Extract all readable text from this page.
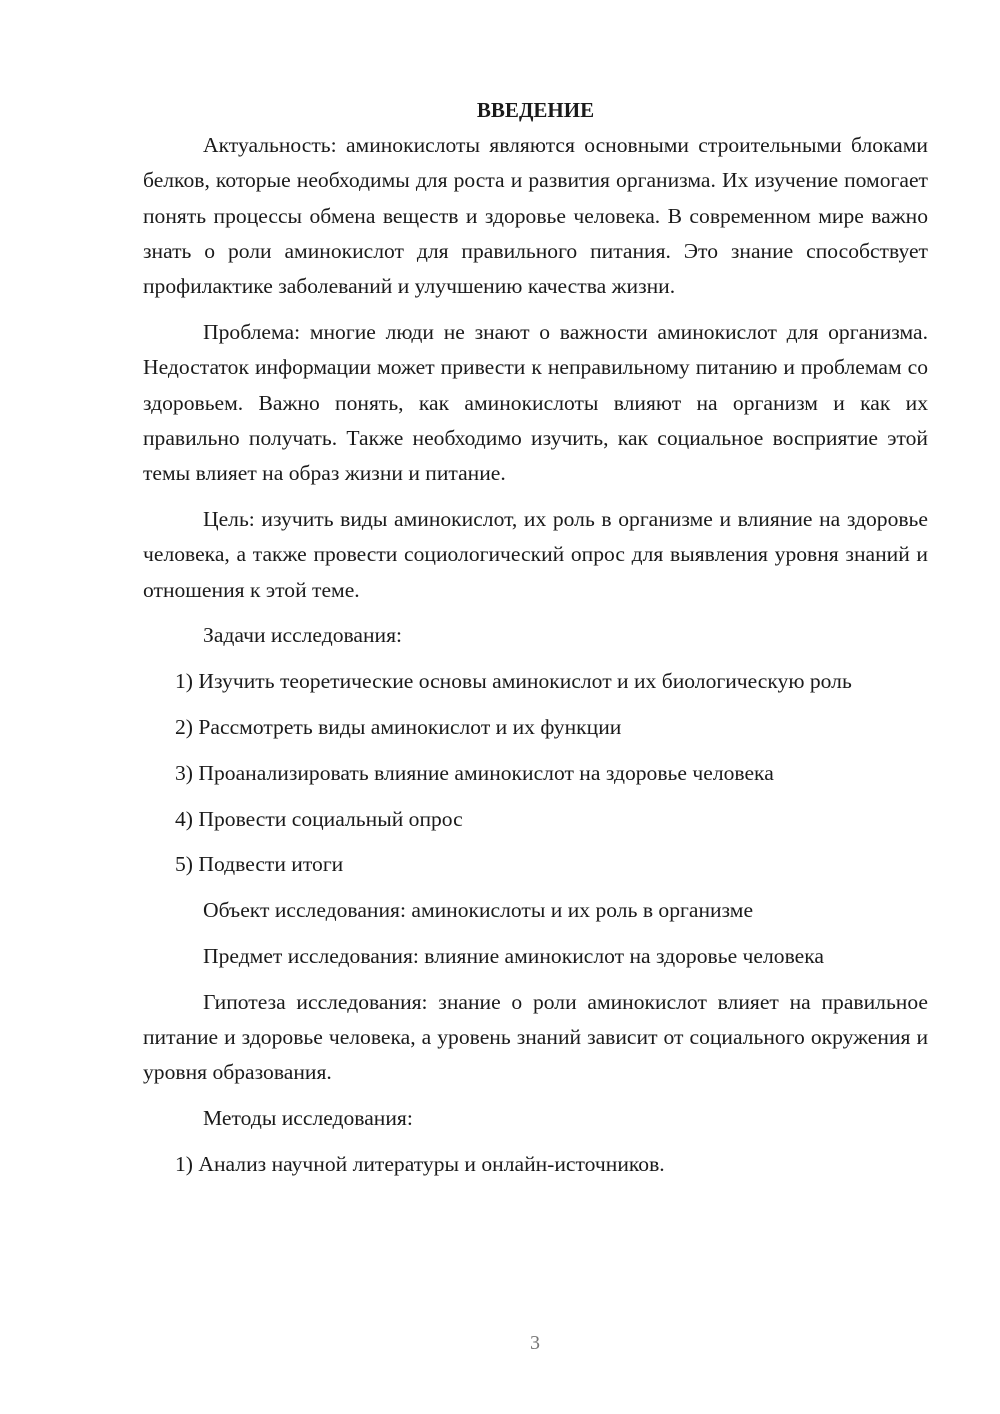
ВВЕДЕНИЕ

Актуальность: аминокислоты являются основными строительными блоками белков, которые необходимы для роста и развития организма. Их изучение помогает понять процессы обмена веществ и здоровье человека. В современном мире важно знать о роли аминокислот для правильного питания. Это знание способствует профилактике заболеваний и улучшению качества жизни.

Проблема: многие люди не знают о важности аминокислот для организма. Недостаток информации может привести к неправильному питанию и проблемам со здоровьем. Важно понять, как аминокислоты влияют на организм и как их правильно получать. Также необходимо изучить, как социальное восприятие этой темы влияет на образ жизни и питание.

Цель: изучить виды аминокислот, их роль в организме и влияние на здоровье человека, а также провести социологический опрос для выявления уровня знаний и отношения к этой теме.

Задачи исследования:

1) Изучить теоретические основы аминокислот и их биологическую роль

2) Рассмотреть виды аминокислот и их функции

3) Проанализировать влияние аминокислот на здоровье человека

4) Провести социальный опрос

5) Подвести итоги

Объект исследования: аминокислоты и их роль в организме

Предмет исследования: влияние аминокислот на здоровье человека

Гипотеза исследования: знание о роли аминокислот влияет на правильное питание и здоровье человека, а уровень знаний зависит от социального окружения и уровня образования.

Методы исследования:

1) Анализ научной литературы и онлайн-источников.

3
